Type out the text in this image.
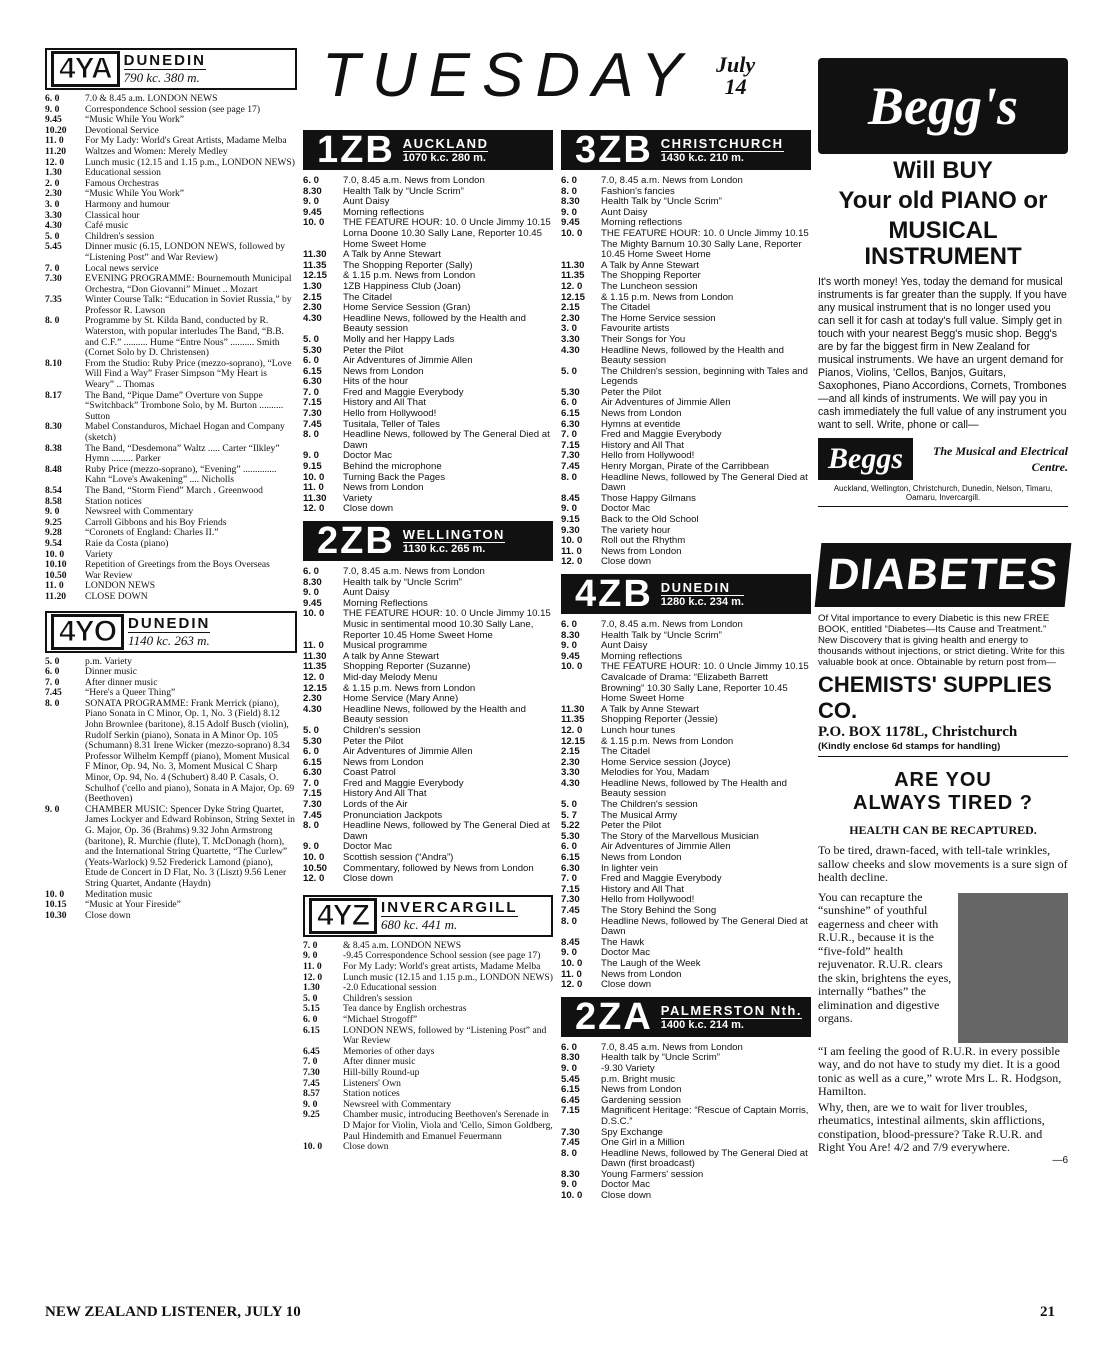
TUESDAY July
14
4YA DUNEDIN
790 kc. 380 m.
6. 0	7.0 & 8.45 a.m. LONDON NEWS
9. 0	Correspondence School session (see page 17)
9.45	“Music While You Work”
10.20	Devotional Service
11. 0	For My Lady: World's Great Artists, Madame Melba
11.20	Waltzes and Women: Merely Medley
12. 0	Lunch music (12.15 and 1.15 p.m., LONDON NEWS)
1.30	Educational session
2. 0	Famous Orchestras
2.30	“Music While You Work”
3. 0	Harmony and humour
3.30	Classical hour
4.30	Café music
5. 0	Children's session
5.45	Dinner music (6.15, LONDON NEWS, followed by “Listening Post” and War Review)
7. 0	Local news service
7.30	EVENING PROGRAMME: Bournemouth Municipal Orchestra, “Don Giovanni” Minuet .. Mozart
7.35	Winter Course Talk: “Education in Soviet Russia,” by Professor R. Lawson
8. 0	Programme by St. Kilda Band, conducted by R. Waterston, with popular interludes The Band, “B.B. and C.F.” .......... Hume “Entre Nous” .......... Smith (Cornet Solo by D. Christensen)
8.10	From the Studio: Ruby Price (mezzo-soprano), “Love Will Find a Way” Fraser Simpson “My Heart is Weary” .. Thomas
8.17	The Band, “Pique Dame” Overture von Suppe “Switchback” Trombone Solo, by M. Burton .......... Sutton
8.30	Mabel Constanduros, Michael Hogan and Company (sketch)
8.38	The Band, “Desdemona” Waltz ..... Carter “Ilkley” Hymn ......... Parker
8.48	Ruby Price (mezzo-soprano), “Evening” .............. Kahn “Love's Awakening” .... Nicholls
8.54	The Band, “Storm Fiend” March . Greenwood
8.58	Station notices
9. 0	Newsreel with Commentary
9.25	Carroll Gibbons and his Boy Friends
9.28	“Coronets of England: Charles II.”
9.54	Raie da Costa (piano)
10. 0	Variety
10.10	Repetition of Greetings from the Boys Overseas
10.50	War Review
11. 0	LONDON NEWS
11.20	CLOSE DOWN
4YO DUNEDIN
1140 kc. 263 m.
5. 0	p.m. Variety
6. 0	Dinner music
7. 0	After dinner music
7.45	“Here's a Queer Thing”
8. 0	SONATA PROGRAMME: Frank Merrick (piano), Piano Sonata in C Minor, Op. 1, No. 3 (Field) 8.12 John Brownlee (baritone), 8.15 Adolf Busch (violin), Rudolf Serkin (piano), Sonata in A Minor Op. 105 (Schumann) 8.31 Irene Wicker (mezzo-soprano) 8.34 Professor Wilhelm Kempff (piano), Moment Musical F Minor, Op. 94, No. 3, Moment Musical C Sharp Minor, Op. 94, No. 4 (Schubert) 8.40 P. Casals, O. Schulhof ('cello and piano), Sonata in A Major, Op. 69 (Beethoven)
9. 0	CHAMBER MUSIC: Spencer Dyke String Quartet, James Lockyer and Edward Robinson, String Sextet in G. Major, Op. 36 (Brahms) 9.32 John Armstrong (baritone), R. Murchie (flute), T. McDonagh (horn), and the International String Quartette, “The Curlew” (Yeats-Warlock) 9.52 Frederick Lamond (piano), Etude de Concert in D Flat, No. 3 (Liszt) 9.56 Lener String Quartet, Andante (Haydn)
10. 0	Meditation music
10.15	“Music at Your Fireside”
10.30	Close down
1ZB AUCKLAND
1070 k.c. 280 m.
6. 0	7.0, 8.45 a.m. News from London
8.30	Health Talk by “Uncle Scrim”
9. 0	Aunt Daisy
9.45	Morning reflections
10. 0	THE FEATURE HOUR: 10. 0 Uncle Jimmy 10.15 Lorna Doone 10.30 Sally Lane, Reporter 10.45 Home Sweet Home
11.30	A Talk by Anne Stewart
11.35	The Shopping Reporter (Sally)
12.15	& 1.15 p.m. News from London
1.30	1ZB Happiness Club (Joan)
2.15	The Citadel
2.30	Home Service Session (Gran)
4.30	Headline News, followed by the Health and Beauty session
5. 0	Molly and her Happy Lads
5.30	Peter the Pilot
6. 0	Air Adventures of Jimmie Allen
6.15	News from London
6.30	Hits of the hour
7. 0	Fred and Maggie Everybody
7.15	History and All That
7.30	Hello from Hollywood!
7.45	Tusitala, Teller of Tales
8. 0	Headline News, followed by The General Died at Dawn
9. 0	Doctor Mac
9.15	Behind the microphone
10. 0	Turning Back the Pages
11. 0	News from London
11.30	Variety
12. 0	Close down
2ZB WELLINGTON
1130 k.c. 265 m.
6. 0	7.0, 8.45 a.m. News from London
8.30	Health talk by “Uncle Scrim”
9. 0	Aunt Daisy
9.45	Morning Reflections
10. 0	THE FEATURE HOUR: 10. 0 Uncle Jimmy 10.15 Music in sentimental mood 10.30 Sally Lane, Reporter 10.45 Home Sweet Home
11. 0	Musical programme
11.30	A talk by Anne Stewart
11.35	Shopping Reporter (Suzanne)
12. 0	Mid-day Melody Menu
12.15	& 1.15 p.m. News from London
2.30	Home Service (Mary Anne)
4.30	Headline News, followed by the Health and Beauty session
5. 0	Children's session
5.30	Peter the Pilot
6. 0	Air Adventures of Jimmie Allen
6.15	News from London
6.30	Coast Patrol
7. 0	Fred and Maggie Everybody
7.15	History And All That
7.30	Lords of the Air
7.45	Pronunciation Jackpots
8. 0	Headline News, followed by The General Died at Dawn
9. 0	Doctor Mac
10. 0	Scottish session (“Andra”)
10.50	Commentary, followed by News from London
12. 0	Close down
4YZ INVERCARGILL
680 kc. 441 m.
7. 0	& 8.45 a.m. LONDON NEWS
9. 0	-9.45 Correspondence School session (see page 17)
11. 0	For My Lady: World's great artists, Madame Melba
12. 0	Lunch music (12.15 and 1.15 p.m., LONDON NEWS)
1.30	-2.0 Educational session
5. 0	Children's session
5.15	Tea dance by English orchestras
6. 0	“Michael Strogoff”
6.15	LONDON NEWS, followed by “Listening Post” and War Review
6.45	Memories of other days
7. 0	After dinner music
7.30	Hill-billy Round-up
7.45	Listeners' Own
8.57	Station notices
9. 0	Newsreel with Commentary
9.25	Chamber music, introducing Beethoven's Serenade in D Major for Violin, Viola and 'Cello, Simon Goldberg, Paul Hindemith and Emanuel Feuermann
10. 0	Close down
3ZB CHRISTCHURCH
1430 k.c. 210 m.
6. 0	7.0, 8.45 a.m. News from London
8. 0	Fashion's fancies
8.30	Health Talk by “Uncle Scrim”
9. 0	Aunt Daisy
9.45	Morning reflections
10. 0	THE FEATURE HOUR: 10. 0 Uncle Jimmy 10.15 The Mighty Barnum 10.30 Sally Lane, Reporter 10.45 Home Sweet Home
11.30	A Talk by Anne Stewart
11.35	The Shopping Reporter
12. 0	The Luncheon session
12.15	& 1.15 p.m. News from London
2.15	The Citadel
2.30	The Home Service session
3. 0	Favourite artists
3.30	Their Songs for You
4.30	Headline News, followed by the Health and Beauty session
5. 0	The Children's session, beginning with Tales and Legends
5.30	Peter the Pilot
6. 0	Air Adventures of Jimmie Allen
6.15	News from London
6.30	Hymns at eventide
7. 0	Fred and Maggie Everybody
7.15	History and All That
7.30	Hello from Hollywood!
7.45	Henry Morgan, Pirate of the Carribbean
8. 0	Headline News, followed by The General Died at Dawn
8.45	Those Happy Gilmans
9. 0	Doctor Mac
9.15	Back to the Old School
9.30	The variety hour
10. 0	Roll out the Rhythm
11. 0	News from London
12. 0	Close down
4ZB DUNEDIN
1280 k.c. 234 m.
6. 0	7.0, 8.45 a.m. News from London
8.30	Health Talk by “Uncle Scrim”
9. 0	Aunt Daisy
9.45	Morning reflections
10. 0	THE FEATURE HOUR: 10. 0 Uncle Jimmy 10.15 Cavalcade of Drama: “Elizabeth Barrett Browning” 10.30 Sally Lane, Reporter 10.45 Home Sweet Home
11.30	A Talk by Anne Stewart
11.35	Shopping Reporter (Jessie)
12. 0	Lunch hour tunes
12.15	& 1.15 p.m. News from London
2.15	The Citadel
2.30	Home Service session (Joyce)
3.30	Melodies for You, Madam
4.30	Headline News, followed by The Health and Beauty session
5. 0	The Children's session
5. 7	The Musical Army
5.22	Peter the Pilot
5.30	The Story of the Marvellous Musician
6. 0	Air Adventures of Jimmie Allen
6.15	News from London
6.30	In lighter vein
7. 0	Fred and Maggie Everybody
7.15	History and All That
7.30	Hello from Hollywood!
7.45	The Story Behind the Song
8. 0	Headline News, followed by The General Died at Dawn
8.45	The Hawk
9. 0	Doctor Mac
10. 0	The Laugh of the Week
11. 0	News from London
12. 0	Close down
2ZA PALMERSTON Nth.
1400 k.c. 214 m.
6. 0	7.0, 8.45 a.m. News from London
8.30	Health talk by “Uncle Scrim”
9. 0	-9.30 Variety
5.45	p.m. Bright music
6.15	News from London
6.45	Gardening session
7.15	Magnificent Heritage: “Rescue of Captain Morris, D.S.C.”
7.30	Spy Exchange
7.45	One Girl in a Million
8. 0	Headline News, followed by The General Died at Dawn (first broadcast)
8.30	Young Farmers' session
9. 0	Doctor Mac
10. 0	Close down
Begg's
Will BUY
Your old PIANO or
MUSICAL INSTRUMENT
It's worth money! Yes, today the demand for musical instruments is far greater than the supply. If you have any musical instrument that is no longer used you can sell it for cash at today's full value. Simply get in touch with your nearest Begg's music shop. Begg's are by far the biggest firm in New Zealand for musical instruments. We have an urgent demand for Pianos, Violins, 'Cellos, Banjos, Guitars, Saxophones, Piano Accordions, Cornets, Trombones—and all kinds of instruments. We will pay you in cash immediately the full value of any instrument you want to sell. Write, phone or call—
Beggs	The Musical and Electrical Centre.
Auckland, Wellington, Christchurch, Dunedin, Nelson, Timaru, Oamaru, Invercargill.
DIABETES
Of Vital importance to every Diabetic is this new FREE BOOK, entitled “Diabetes—Its Cause and Treatment.” New Discovery that is giving health and energy to thousands without injections, or strict dieting. Write for this valuable book at once. Obtainable by return post from—
CHEMISTS' SUPPLIES CO.
P.O. BOX 1178L, Christchurch
(Kindly enclose 6d stamps for handling)
ARE YOU
ALWAYS TIRED ?
HEALTH CAN BE RECAPTURED.
To be tired, drawn-faced, with tell-tale wrinkles, sallow cheeks and slow movements is a sure sign of health decline.
You can recapture the “sunshine” of youthful eagerness and cheer with R.U.R., because it is the “five-fold” health rejuvenator. R.U.R. clears the skin, brightens the eyes, internally “bathes” the elimination and digestive organs.
“I am feeling the good of R.U.R. in every possible way, and do not have to study my diet. It is a good tonic as well as a cure,” wrote Mrs L. R. Hodgson, Hamilton.
Why, then, are we to wait for liver troubles, rheumatics, intestinal ailments, skin afflictions, constipation, blood-pressure? Take R.U.R. and Right You Are! 4/2 and 7/9 everywhere.
—6
NEW ZEALAND LISTENER, JULY 10	21
